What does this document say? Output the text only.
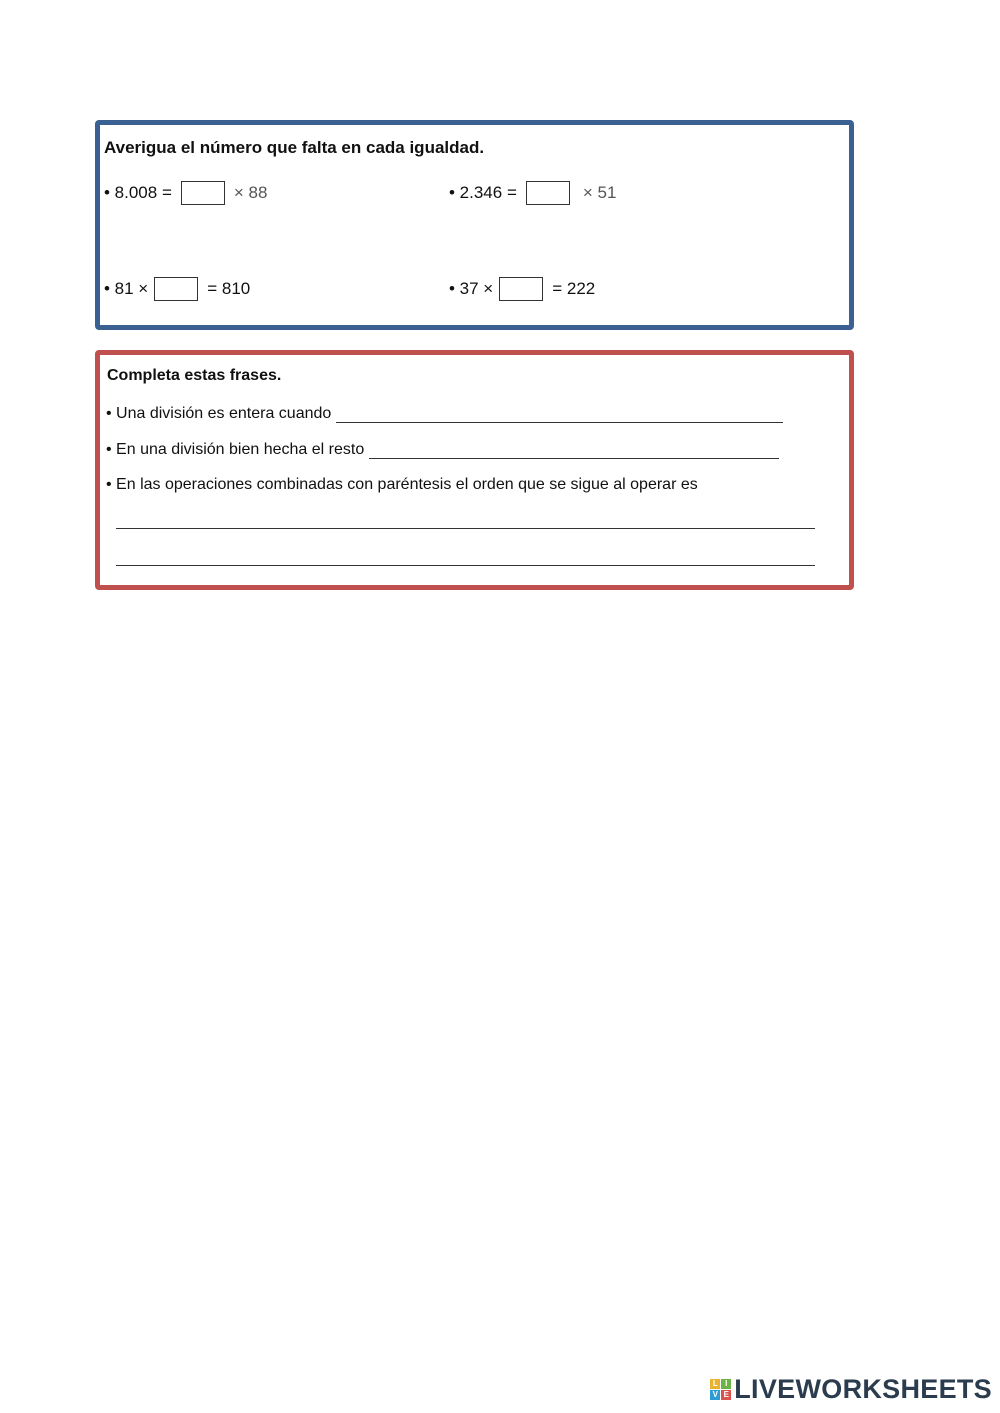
Averigua el número que falta en cada igualdad.
• 8.008 =	× 88	• 2.346 =	× 51
• 81 ×	= 810	• 37 ×	= 222
Completa estas frases.
• Una división es entera cuando
• En una división bien hecha el resto
• En las operaciones combinadas con paréntesis el orden que se sigue al operar es
L I
V E LIVEWORKSHEETS
